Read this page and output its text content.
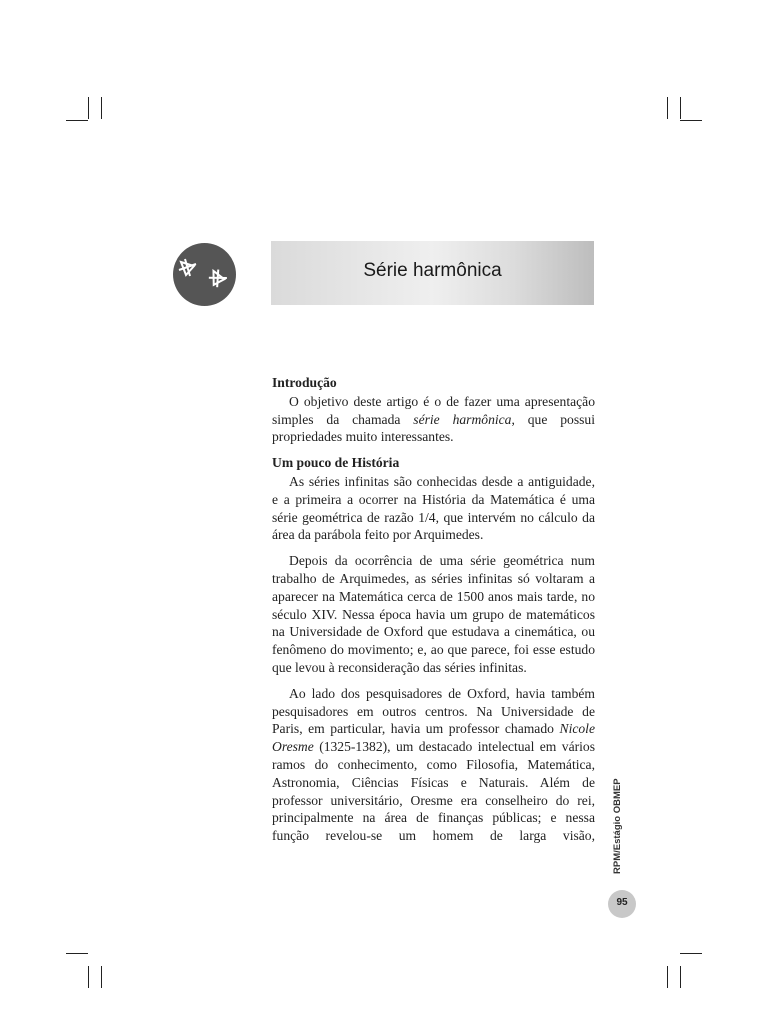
Série harmônica
Introdução

O objetivo deste artigo é o de fazer uma apresentação simples da chamada série harmônica, que possui propriedades muito interessantes.

Um pouco de História

As séries infinitas são conhecidas desde a antiguidade, e a primeira a ocorrer na História da Matemática é uma série geométrica de razão 1/4, que intervém no cálculo da área da parábola feito por Arquimedes.

Depois da ocorrência de uma série geométrica num trabalho de Arquimedes, as séries infinitas só voltaram a aparecer na Matemática cerca de 1500 anos mais tarde, no século XIV. Nessa época havia um grupo de matemáticos na Universidade de Oxford que estudava a cinemática, ou fenômeno do movimento; e, ao que parece, foi esse estudo que levou à reconsideração das séries infinitas.

Ao lado dos pesquisadores de Oxford, havia também pesquisadores em outros centros. Na Universidade de Paris, em particular, havia um professor chamado Nicole Oresme (1325-1382), um destacado intelectual em vários ramos do conhecimento, como Filosofia, Matemática, Astronomia, Ciências Físicas e Naturais. Além de professor universitário, Oresme era conselheiro do rei, principalmente na área de finanças públicas; e nessa função revelou-se um homem de larga visão, RPM/Estágio OBMEP
95
